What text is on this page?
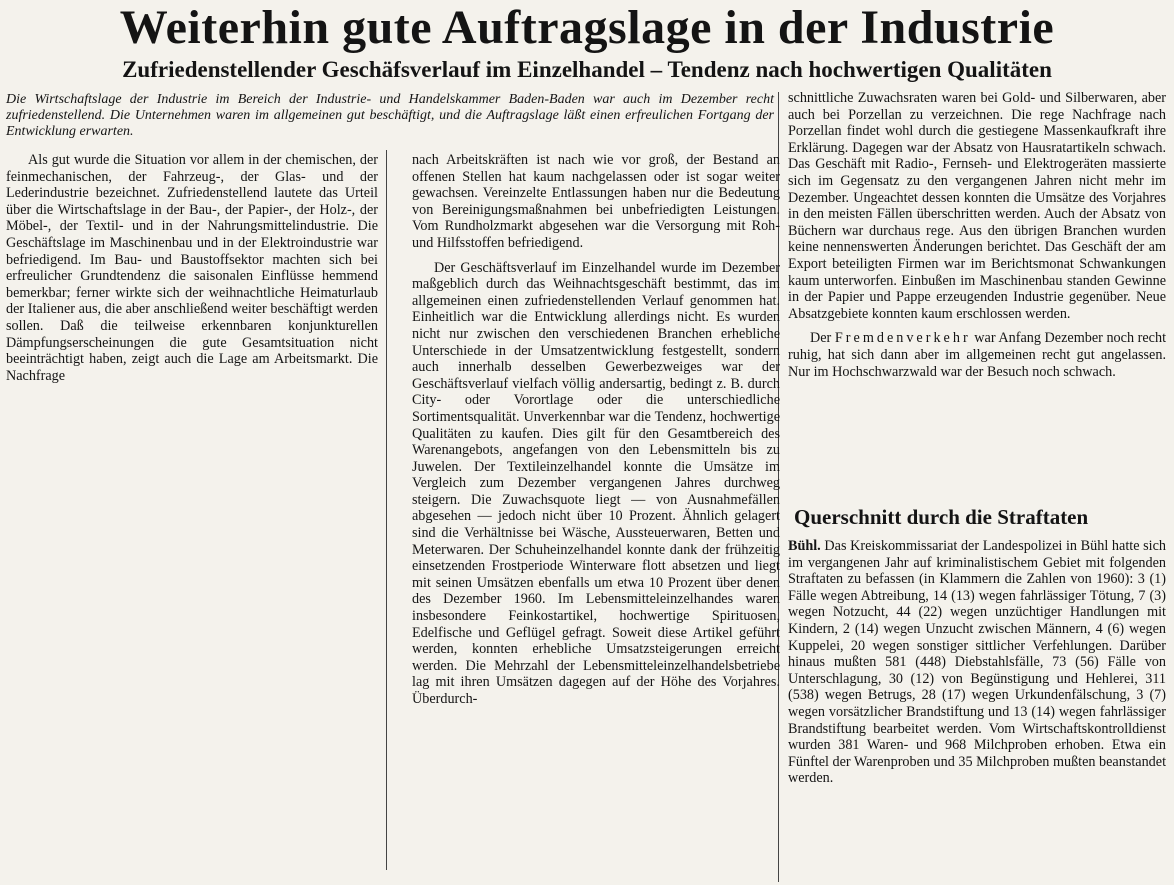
Weiterhin gute Auftragslage in der Industrie
Zufriedenstellender Geschäfsverlauf im Einzelhandel – Tendenz nach hochwertigen Qualitäten
Die Wirtschaftslage der Industrie im Bereich der Industrie- und Handelskammer Baden-Baden war auch im Dezember recht zufriedenstellend. Die Unternehmen waren im allgemeinen gut beschäftigt, und die Auftragslage läßt einen erfreulichen Fortgang der Entwicklung erwarten.

Als gut wurde die Situation vor allem in der chemischen, der feinmechanischen, der Fahrzeug-, der Glas- und der Lederindustrie bezeichnet. Zufriedenstellend lautete das Urteil über die Wirtschaftslage in der Bau-, der Papier-, der Holz-, der Möbel-, der Textil- und in der Nahrungsmittelindustrie. Die Geschäftslage im Maschinenbau und in der Elektroindustrie war befriedigend. Im Bau- und Baustoffsektor machten sich bei erfreulicher Grundtendenz die saisonalen Einflüsse hemmend bemerkbar; ferner wirkte sich der weihnachtliche Heimaturlaub der Italiener aus, die aber anschließend weiter beschäftigt werden sollen. Daß die teilweise erkennbaren konjunkturellen Dämpfungserscheinungen die gute Gesamtsituation nicht beeinträchtigt haben, zeigt auch die Lage am Arbeitsmarkt. Die Nachfrage

nach Arbeitskräften ist nach wie vor groß, der Bestand an offenen Stellen hat kaum nachgelassen oder ist sogar weiter gewachsen. Vereinzelte Entlassungen haben nur die Bedeutung von Bereinigungsmaßnahmen bei unbefriedigten Leistungen. Vom Rundholzmarkt abgesehen war die Versorgung mit Roh- und Hilfsstoffen befriedigend.

Der Geschäftsverlauf im Einzelhandel wurde im Dezember maßgeblich durch das Weihnachtsgeschäft bestimmt, das im allgemeinen einen zufriedenstellenden Verlauf genommen hat. Einheitlich war die Entwicklung allerdings nicht. Es wurden nicht nur zwischen den verschiedenen Branchen erhebliche Unterschiede in der Umsatzentwicklung festgestellt, sondern auch innerhalb desselben Gewerbezweiges war der Geschäftsverlauf vielfach völlig andersartig, bedingt z. B. durch City- oder Vorortlage oder die unterschiedliche Sortimentsqualität. Unverkennbar war die Tendenz, hochwertige Qualitäten zu kaufen. Dies gilt für den Gesamtbereich des Warenangebots, angefangen von den Lebensmitteln bis zu Juwelen. Der Textileinzelhandel konnte die Umsätze im Vergleich zum Dezember vergangenen Jahres durchweg steigern. Die Zuwachsquote liegt — von Ausnahmefällen abgesehen — jedoch nicht über 10 Prozent. Ähnlich gelagert sind die Verhältnisse bei Wäsche, Aussteuerwaren, Betten und Meterwaren. Der Schuheinzelhandel konnte dank der frühzeitig einsetzenden Frostperiode Winterware flott absetzen und liegt mit seinen Umsätzen ebenfalls um etwa 10 Prozent über denen des Dezember 1960. Im Lebensmitteleinzelhandes waren insbesondere Feinkostartikel, hochwertige Spirituosen, Edelfische und Geflügel gefragt. Soweit diese Artikel geführt werden, konnten erhebliche Umsatzsteigerungen erreicht werden. Die Mehrzahl der Lebensmitteleinzelhandelsbetriebe lag mit ihren Umsätzen dagegen auf der Höhe des Vorjahres. Überdurch-

schnittliche Zuwachsraten waren bei Gold- und Silberwaren, aber auch bei Porzellan zu verzeichnen. Die rege Nachfrage nach Porzellan findet wohl durch die gestiegene Massenkaufkraft ihre Erklärung. Dagegen war der Absatz von Hausratartikeln schwach. Das Geschäft mit Radio-, Fernseh- und Elektrogeräten massierte sich im Gegensatz zu den vergangenen Jahren nicht mehr im Dezember. Ungeachtet dessen konnten die Umsätze des Vorjahres in den meisten Fällen überschritten werden. Auch der Absatz von Büchern war durchaus rege. Aus den übrigen Branchen wurden keine nennenswerten Änderungen berichtet. Das Geschäft der am Export beteiligten Firmen war im Berichtsmonat Schwankungen kaum unterworfen. Einbußen im Maschinenbau standen Gewinne in der Papier und Pappe erzeugenden Industrie gegenüber. Neue Absatzgebiete konnten kaum erschlossen werden.

Der Fremdenverkehr war Anfang Dezember noch recht ruhig, hat sich dann aber im allgemeinen recht gut angelassen. Nur im Hochschwarzwald war der Besuch noch schwach.

Querschnitt durch die Straftaten

Bühl. Das Kreiskommissariat der Landespolizei in Bühl hatte sich im vergangenen Jahr auf kriminalistischem Gebiet mit folgenden Straftaten zu befassen (in Klammern die Zahlen von 1960): 3 (1) Fälle wegen Abtreibung, 14 (13) wegen fahrlässiger Tötung, 7 (3) wegen Notzucht, 44 (22) wegen unzüchtiger Handlungen mit Kindern, 2 (14) wegen Unzucht zwischen Männern, 4 (6) wegen Kuppelei, 20 wegen sonstiger sittlicher Verfehlungen. Darüber hinaus mußten 581 (448) Diebstahlsfälle, 73 (56) Fälle von Unterschlagung, 30 (12) von Begünstigung und Hehlerei, 311 (538) wegen Betrugs, 28 (17) wegen Urkundenfälschung, 3 (7) wegen vorsätzlicher Brandstiftung und 13 (14) wegen fahrlässiger Brandstiftung bearbeitet werden. Vom Wirtschaftskontrolldienst wurden 381 Waren- und 968 Milchproben erhoben. Etwa ein Fünftel der Warenproben und 35 Milchproben mußten beanstandet werden.
